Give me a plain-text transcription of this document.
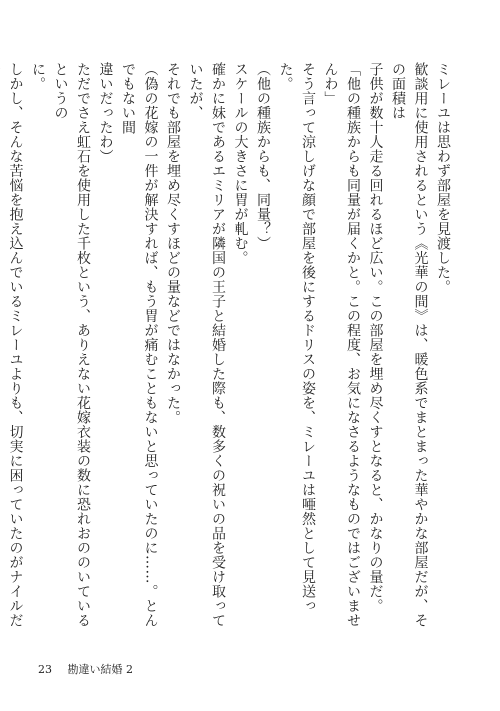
ミレーユは思わず部屋を見渡した。

歓談用に使用されるという《光華の間》は、暖色系でまとまった華やかな部屋だが、その面積は

子供が数十人走る回れるほど広い。この部屋を埋め尽くすとなると、かなりの量だ。

「他の種族からも同量が届くかと。この程度、お気になさるようなものではございませんわ」

そう言って涼しげな顔で部屋を後にするドリスの姿を、ミレーユは唖然として見送った。

（他の種族からも、同量？）

スケールの大きさに胃が軋む。

確かに妹であるエミリアが隣国の王子と結婚した際も、数多くの祝いの品を受け取っていたが、

それでも部屋を埋め尽くすほどの量などではなかった。

（偽の花嫁の一件が解決すれば、もう胃が痛むこともないと思っていたのに……。とんでもない間

違いだったわ）

ただでさえ虹石を使用した千枚という、ありえない花嫁衣装の数に恐れおののいているというの

に。

しかし、そんな苦悩を抱え込んでいるミレーユよりも、切実に困っていたのがナイルだ

23 勘違い結婚 2
